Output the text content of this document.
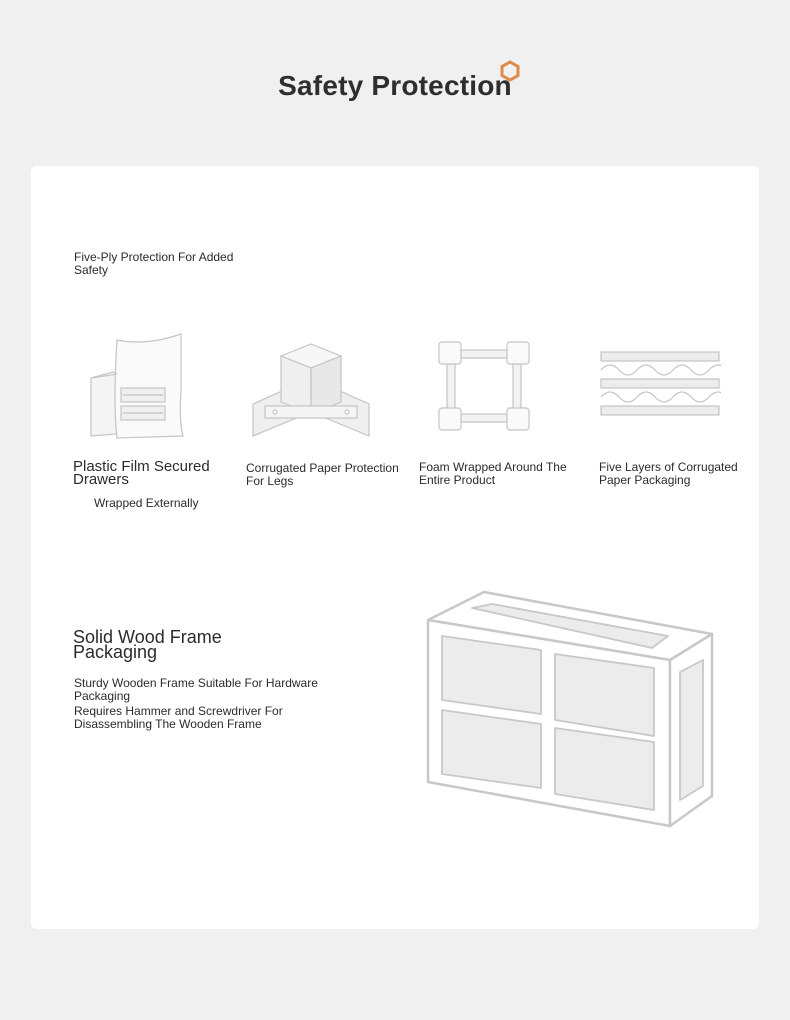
Safety Protection

Five-Ply Protection For Added Safety

Plastic Film Secured Drawers

Wrapped Externally

Corrugated Paper Protection For Legs

Foam Wrapped Around The Entire Product

Five Layers of Corrugated Paper Packaging

Solid Wood Frame Packaging

Sturdy Wooden Frame Suitable For Hardware Packaging

Requires Hammer and Screwdriver For Disassembling The Wooden Frame
